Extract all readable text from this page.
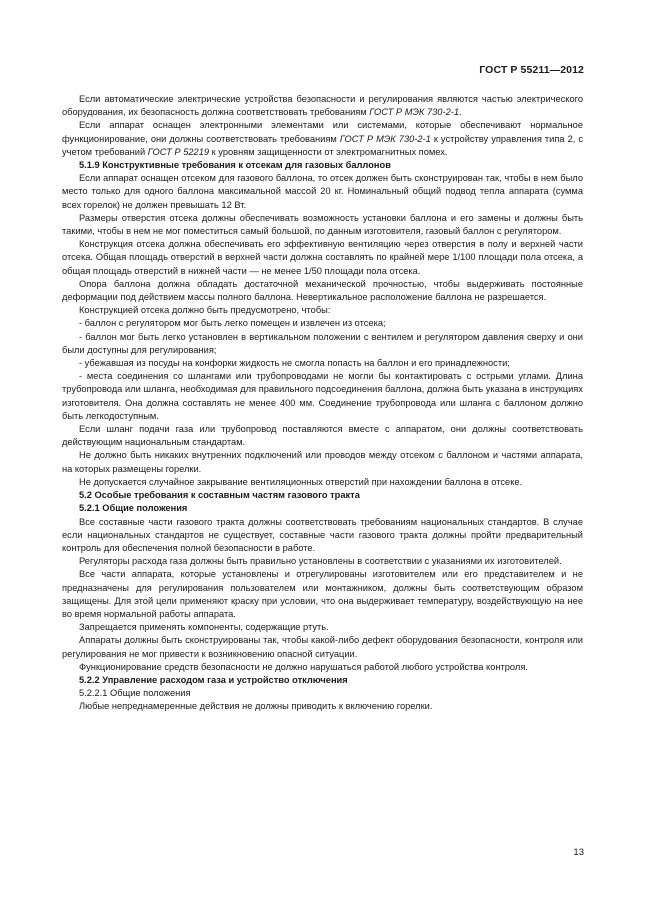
ГОСТ Р 55211—2012

Если автоматические электрические устройства безопасности и регулирования являются частью электрического оборудования, их безопасность должна соответствовать требованиям ГОСТ Р МЭК 730-2-1.

Если аппарат оснащен электронными элементами или системами, которые обеспечивают нормальное функционирование, они должны соответствовать требованиям ГОСТ Р МЭК 730-2-1 к устройству управления типа 2, с учетом требований ГОСТ Р 52219 к уровням защищенности от электромагнитных помех.

5.1.9 Конструктивные требования к отсекам для газовых баллонов

Если аппарат оснащен отсеком для газового баллона, то отсек должен быть сконструирован так, чтобы в нем было место только для одного баллона максимальной массой 20 кг. Номинальный общий подвод тепла аппарата (сумма всех горелок) не должен превышать 12 Вт.

Размеры отверстия отсека должны обеспечивать возможность установки баллона и его замены и должны быть такими, чтобы в нем не мог поместиться самый большой, по данным изготовителя, газовый баллон с регулятором.

Конструкция отсека должна обеспечивать его эффективную вентиляцию через отверстия в полу и верхней части отсека. Общая площадь отверстий в верхней части должна составлять по крайней мере 1/100 площади пола отсека, а общая площадь отверстий в нижней части — не менее 1/50 площади пола отсека.

Опора баллона должна обладать достаточной механической прочностью, чтобы выдерживать постоянные деформации под действием массы полного баллона. Невертикальное расположение баллона не разрешается.

Конструкцией отсека должно быть предусмотрено, чтобы:

- баллон с регулятором мог быть легко помещен и извлечен из отсека;

- баллон мог быть легко установлен в вертикальном положении с вентилем и регулятором давления сверху и они были доступны для регулирования;

- убежавшая из посуды на конфорки жидкость не смогла попасть на баллон и его принадлежности;

- места соединения со шлангами или трубопроводами не могли бы контактировать с острыми углами. Длина трубопровода или шланга, необходимая для правильного подсоединения баллона, должна быть указана в инструкциях изготовителя. Она должна составлять не менее 400 мм. Соединение трубопровода или шланга с баллоном должно быть легкодоступным.

Если шланг подачи газа или трубопровод поставляются вместе с аппаратом, они должны соответствовать действующим национальным стандартам.

Не должно быть никаких внутренних подключений или проводов между отсеком с баллоном и частями аппарата, на которых размещены горелки.

Не допускается случайное закрывание вентиляционных отверстий при нахождении баллона в отсеке.

5.2 Особые требования к составным частям газового тракта

5.2.1 Общие положения

Все составные части газового тракта должны соответствовать требованиям национальных стандартов. В случае если национальных стандартов не существует, составные части газового тракта должны пройти предварительный контроль для обеспечения полной безопасности в работе.

Регуляторы расхода газа должны быть правильно установлены в соответствии с указаниями их изготовителей.

Все части аппарата, которые установлены и отрегулированы изготовителем или его представителем и не предназначены для регулирования пользователем или монтажником, должны быть соответствующим образом защищены. Для этой цели применяют краску при условии, что она выдерживает температуру, воздействующую на нее во время нормальной работы аппарата.

Запрещается применять компоненты, содержащие ртуть.

Аппараты должны быть сконструированы так, чтобы какой-либо дефект оборудования безопасности, контроля или регулирования не мог привести к возникновению опасной ситуации.

Функционирование средств безопасности не должно нарушаться работой любого устройства контроля.

5.2.2 Управление расходом газа и устройство отключения

5.2.2.1 Общие положения

Любые непреднамеренные действия не должны приводить к включению горелки.

13
